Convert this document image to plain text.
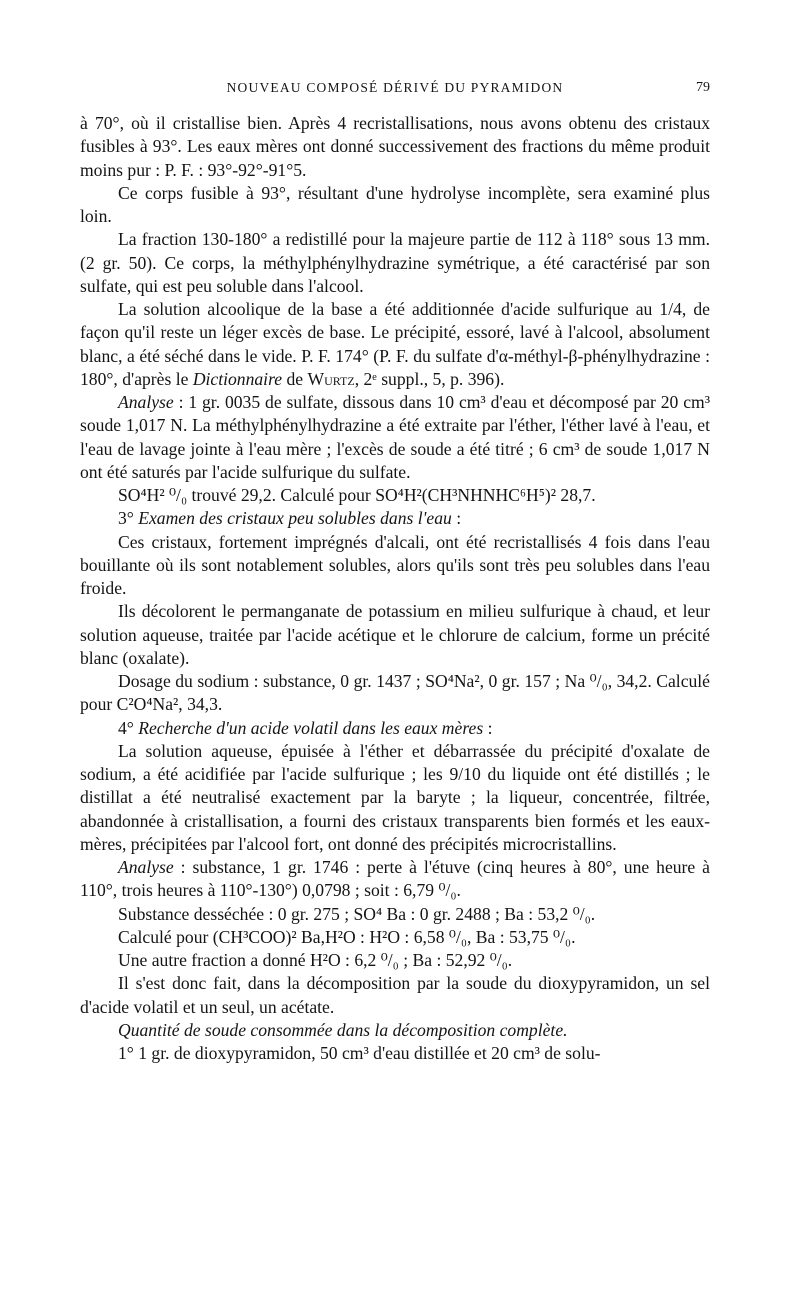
NOUVEAU COMPOSÉ DÉRIVÉ DU PYRAMIDON	79

à 70°, où il cristallise bien. Après 4 recristallisations, nous avons obtenu des cristaux fusibles à 93°. Les eaux mères ont donné successivement des fractions du même produit moins pur : P. F. : 93°-92°-91°5.

Ce corps fusible à 93°, résultant d'une hydrolyse incomplète, sera examiné plus loin.

La fraction 130-180° a redistillé pour la majeure partie de 112 à 118° sous 13 mm. (2 gr. 50). Ce corps, la méthylphénylhydrazine symétrique, a été caractérisé par son sulfate, qui est peu soluble dans l'alcool.

La solution alcoolique de la base a été additionnée d'acide sulfurique au 1/4, de façon qu'il reste un léger excès de base. Le précipité, essoré, lavé à l'alcool, absolument blanc, a été séché dans le vide. P. F. 174° (P. F. du sulfate d'α-méthyl-β-phénylhydrazine : 180°, d'après le Dictionnaire de Wurtz, 2ᵉ suppl., 5, p. 396).

Analyse : 1 gr. 0035 de sulfate, dissous dans 10 cm³ d'eau et décomposé par 20 cm³ soude 1,017 N. La méthylphénylhydrazine a été extraite par l'éther, l'éther lavé à l'eau, et l'eau de lavage jointe à l'eau mère ; l'excès de soude a été titré ; 6 cm³ de soude 1,017 N ont été saturés par l'acide sulfurique du sulfate.

SO⁴H² ⁰/₀ trouvé 29,2. Calculé pour SO⁴H²(CH³NHNHC⁶H⁵)² 28,7.

3° Examen des cristaux peu solubles dans l'eau :

Ces cristaux, fortement imprégnés d'alcali, ont été recristallisés 4 fois dans l'eau bouillante où ils sont notablement solubles, alors qu'ils sont très peu solubles dans l'eau froide.

Ils décolorent le permanganate de potassium en milieu sulfurique à chaud, et leur solution aqueuse, traitée par l'acide acétique et le chlorure de calcium, forme un précité blanc (oxalate).

Dosage du sodium : substance, 0 gr. 1437 ; SO⁴Na², 0 gr. 157 ; Na ⁰/₀, 34,2. Calculé pour C²O⁴Na², 34,3.

4° Recherche d'un acide volatil dans les eaux mères :

La solution aqueuse, épuisée à l'éther et débarrassée du précipité d'oxalate de sodium, a été acidifiée par l'acide sulfurique ; les 9/10 du liquide ont été distillés ; le distillat a été neutralisé exactement par la baryte ; la liqueur, concentrée, filtrée, abandonnée à cristallisation, a fourni des cristaux transparents bien formés et les eaux-mères, précipitées par l'alcool fort, ont donné des précipités microcristallins.

Analyse : substance, 1 gr. 1746 : perte à l'étuve (cinq heures à 80°, une heure à 110°, trois heures à 110°-130°) 0,0798 ; soit : 6,79 ⁰/₀.

Substance desséchée : 0 gr. 275 ; SO⁴ Ba : 0 gr. 2488 ; Ba : 53,2 ⁰/₀.

Calculé pour (CH³COO)² Ba,H²O : H²O : 6,58 ⁰/₀, Ba : 53,75 ⁰/₀.

Une autre fraction a donné H²O : 6,2 ⁰/₀ ; Ba : 52,92 ⁰/₀.

Il s'est donc fait, dans la décomposition par la soude du dioxypyramidon, un sel d'acide volatil et un seul, un acétate.

Quantité de soude consommée dans la décomposition complète.

1° 1 gr. de dioxypyramidon, 50 cm³ d'eau distillée et 20 cm³ de solu-
